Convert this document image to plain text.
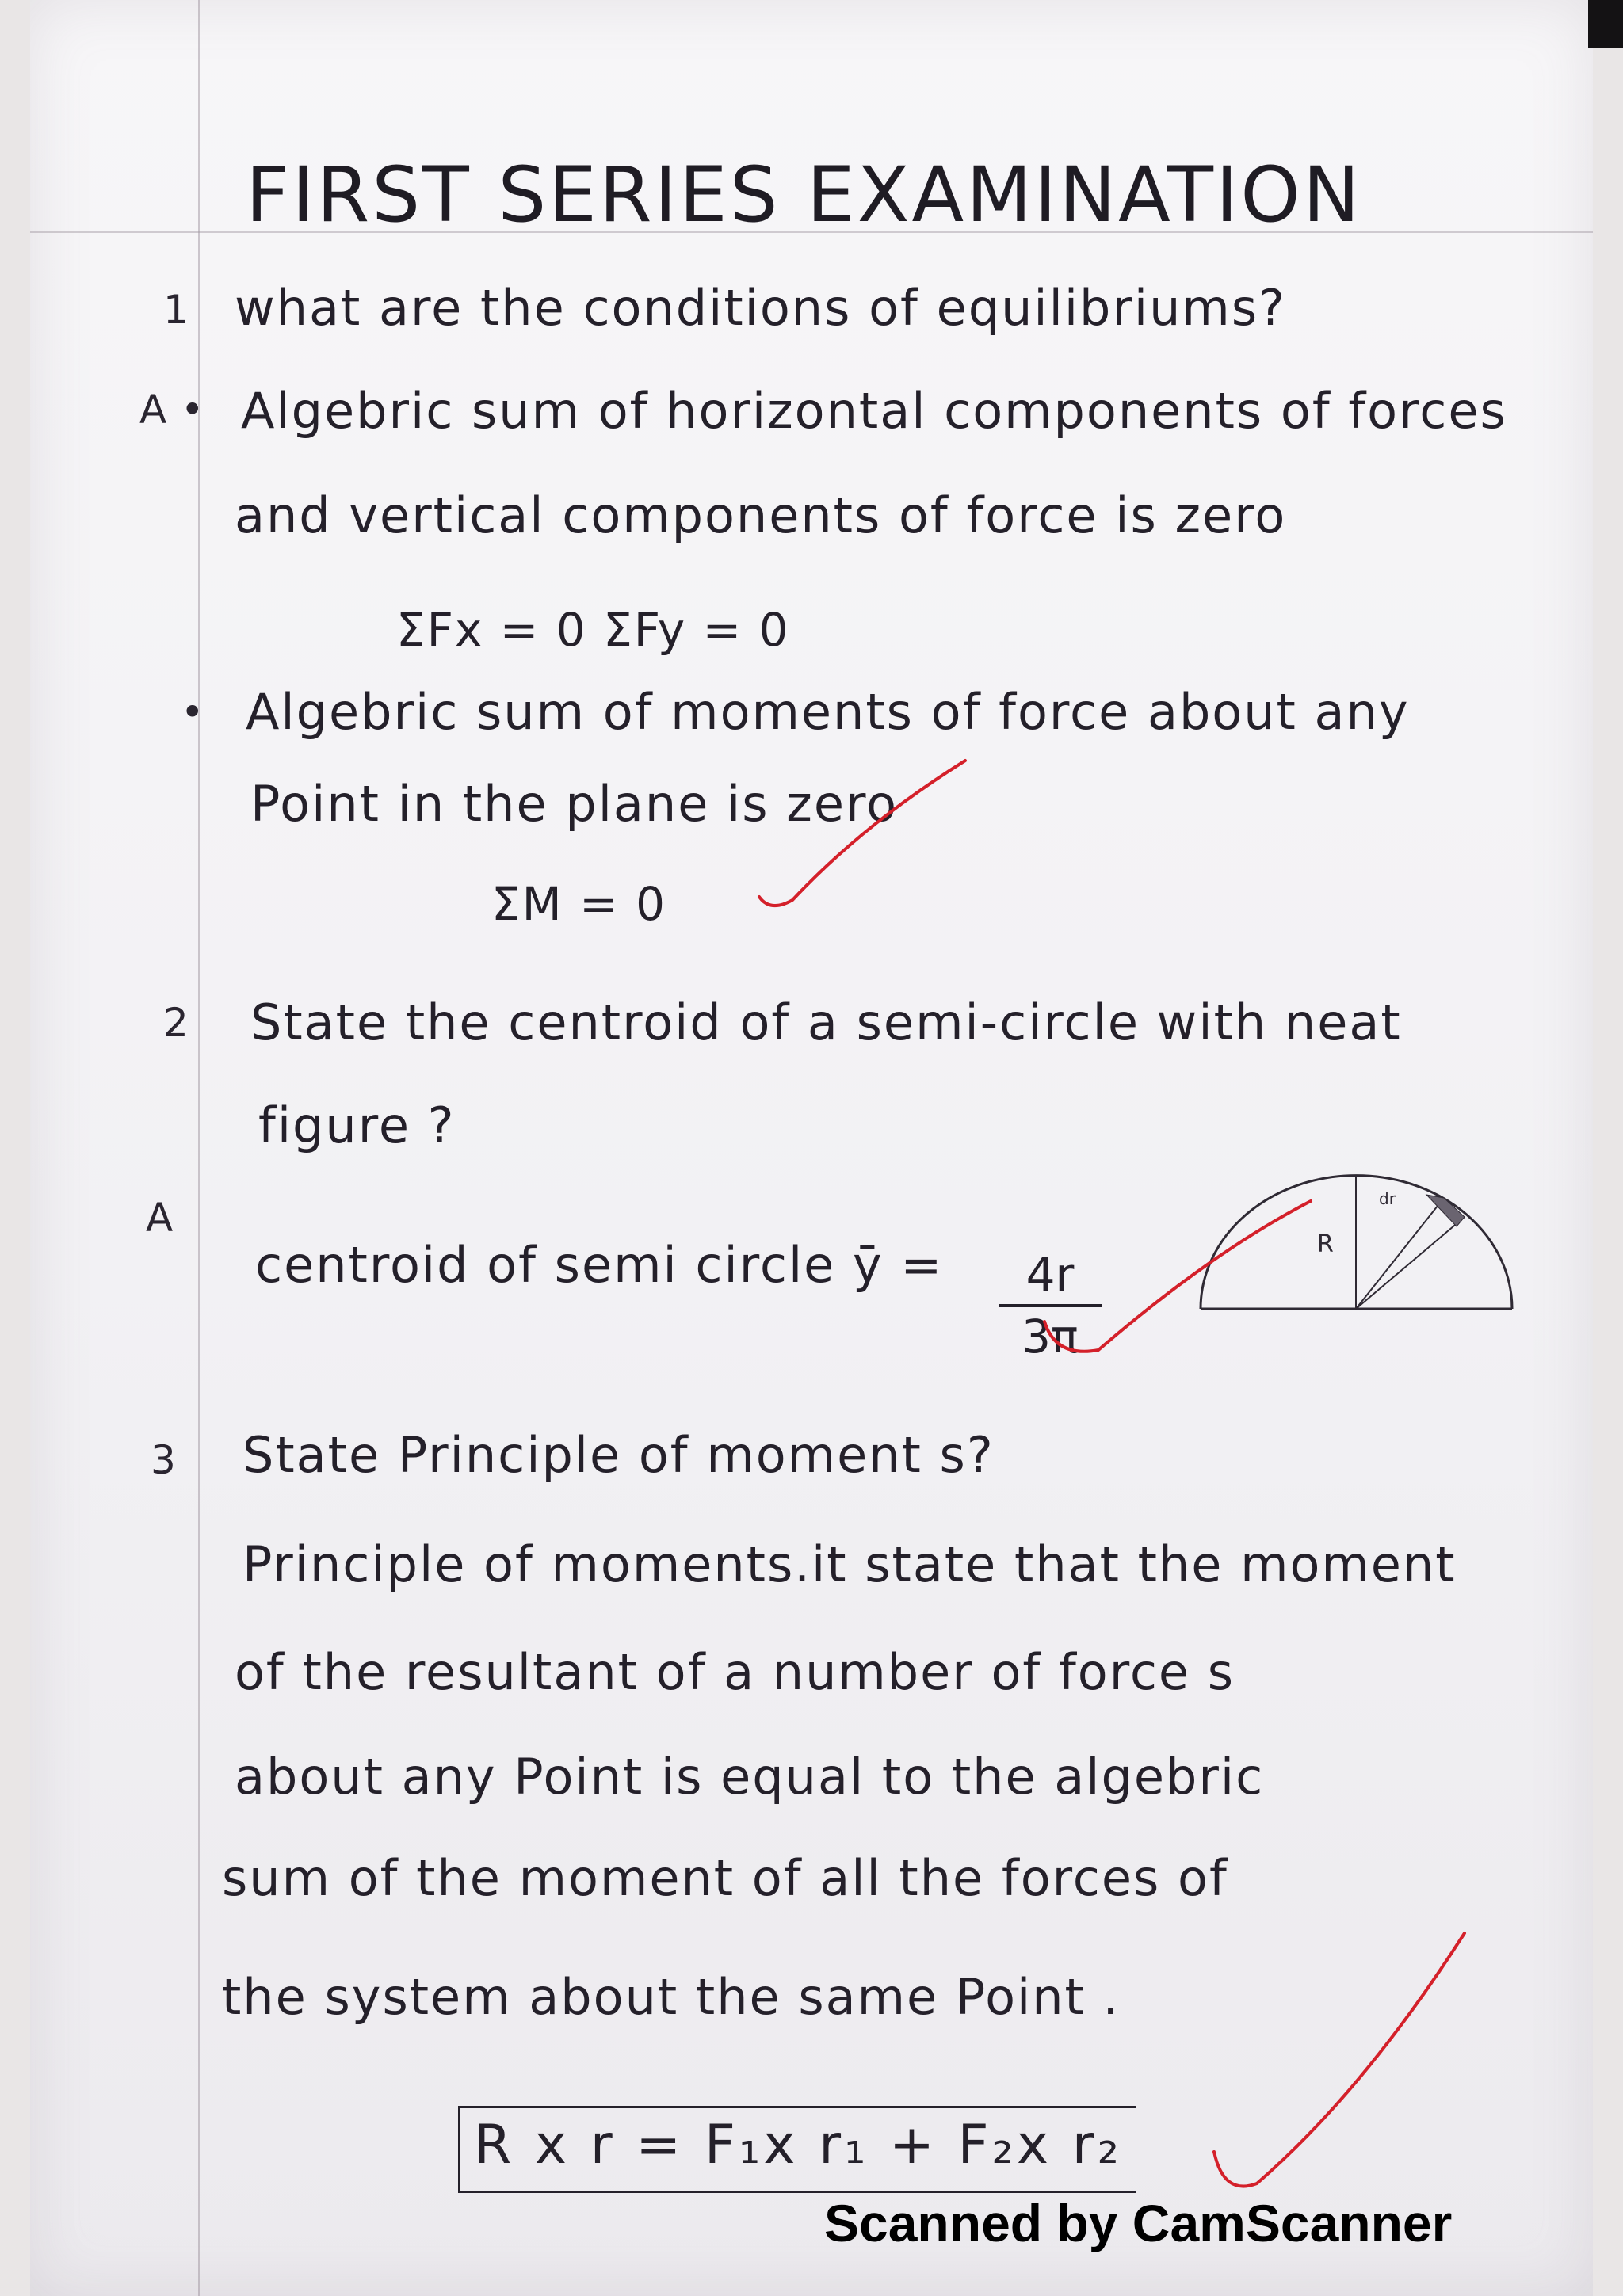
FIRST SERIES EXAMINATION
1 what are the conditions of equilibriums?
A • Algebric sum of horizontal components of forces
and vertical components of force is zero
ΣFx = 0 ΣFy = 0
• Algebric sum of moments of force about any
Point in the plane is zero
ΣM = 0
2 State the centroid of a semi-circle with neat
figure ?
A
centroid of semi circle ȳ =	4r
3π
3 State Principle of moment s?
Principle of moments.it state that the moment
of the resultant of a number of force s
about any Point is equal to the algebric
sum of the moment of all the forces of
the system about the same Point .
R x r = F₁x r₁ + F₂x r₂
R
dr
Scanned by CamScanner
